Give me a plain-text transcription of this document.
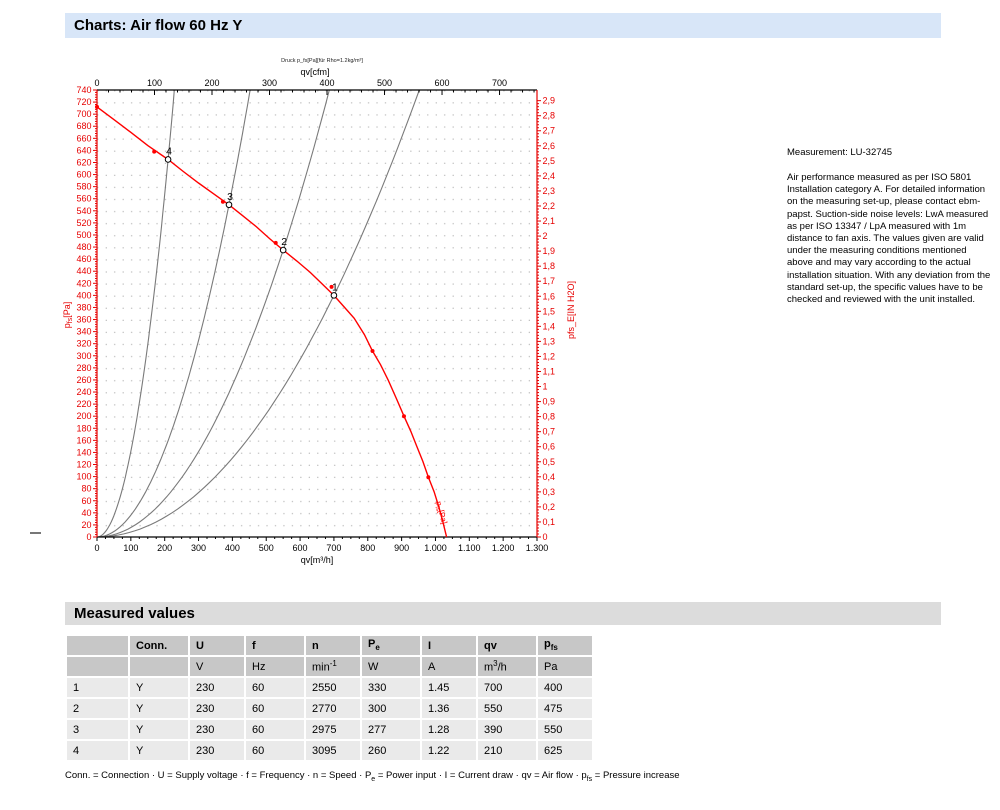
Charts: Air flow 60 Hz Y
Druck p_fs[Pa][für Rho=1.2kg/m³]
qv[cfm]
0	100	200	300	400	500	600	700
0	100 200 300 400 500 600 700 800 900 1.000 1.100 1.200 1.300
qv[m³/h]
0
20
40
60
80
100
120
140
160
180
200
220
240
260
280
300
320
340
360
380
400
420
440
460
480
500
520
540
560
580
600
620
640
660
680
700
720
740
$p_{fs}[Pa]$
0
0,1
0,2
0,3
0,4
0,5
0,6
0,7
0,8
0,9
1
1,1
1,2
1,3
1,4
1,5
1,6
1,7
1,8
1,9
2
2,1
2,2
2,3
2,4
2,5
2,6
2,7
2,8
2,9
pfs_E[IN H2O]
$p_{fs}[Pa]$
1
2
3
4	Measurement: LU-32745
Air performance measured as per ISO 5801 Installation category A. For detailed information on the measuring set-up, please contact ebm-papst. Suction-side noise levels: LwA measured as per ISO 13347 / LpA measured with 1m distance to fan axis. The values given are valid under the measuring conditions mentioned above and may vary according to the actual installation situation. With any deviation from the standard set-up, the specific values have to be checked and reviewed with the unit installed.
Measured values
	Conn.	U	f	n	$P_e$	I	qv	$p_{fs}$
		V	Hz	$\min^{-1}$	W	A	$m^3/h$	Pa
1	Y	230	60	2550	330	1.45	700	400
2	Y	230	60	2770	300	1.36	550	475
3	Y	230	60	2975	277	1.28	390	550
4	Y	230	60	3095	260	1.22	210	625
Conn. = Connection · U = Supply voltage · f = Frequency · n = Speed · $P_e$ = Power input · I = Current draw · qv = Air flow · $p_{fs}$ = Pressure increase
